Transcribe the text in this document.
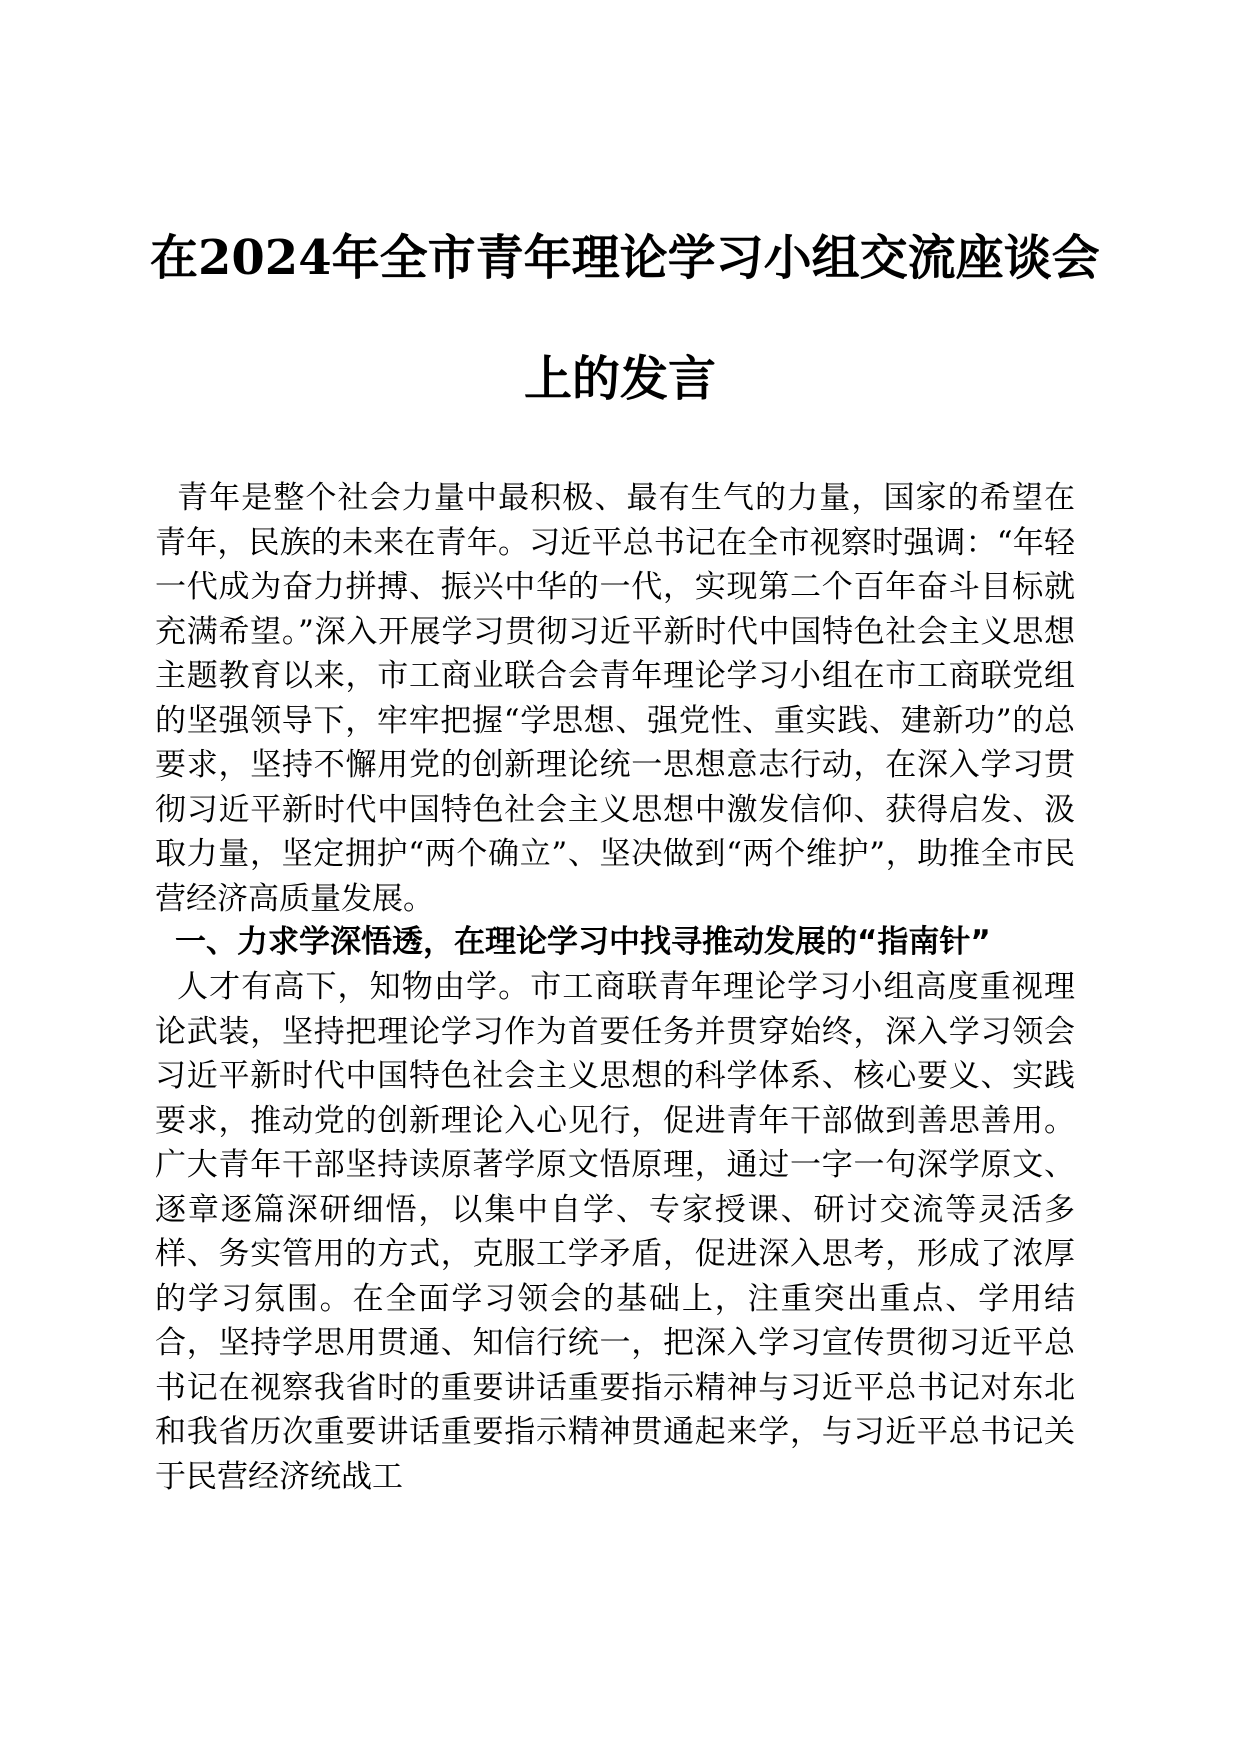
在2024年全市青年理论学习小组交流座谈会
上的发言

青年是整个社会力量中最积极、最有生气的力量，国家的希望在青年，民族的未来在青年。习近平总书记在全市视察时强调：“年轻一代成为奋力拼搏、振兴中华的一代，实现第二个百年奋斗目标就充满希望。”深入开展学习贯彻习近平新时代中国特色社会主义思想主题教育以来，市工商业联合会青年理论学习小组在市工商联党组的坚强领导下，牢牢把握“学思想、强党性、重实践、建新功”的总要求，坚持不懈用党的创新理论统一思想意志行动，在深入学习贯彻习近平新时代中国特色社会主义思想中激发信仰、获得启发、汲取力量，坚定拥护“两个确立”、坚决做到“两个维护”，助推全市民营经济高质量发展。

一、力求学深悟透，在理论学习中找寻推动发展的“指南针”

人才有高下，知物由学。市工商联青年理论学习小组高度重视理论武装，坚持把理论学习作为首要任务并贯穿始终，深入学习领会习近平新时代中国特色社会主义思想的科学体系、核心要义、实践要求，推动党的创新理论入心见行，促进青年干部做到善思善用。广大青年干部坚持读原著学原文悟原理，通过一字一句深学原文、逐章逐篇深研细悟，以集中自学、专家授课、研讨交流等灵活多样、务实管用的方式，克服工学矛盾，促进深入思考，形成了浓厚的学习氛围。在全面学习领会的基础上，注重突出重点、学用结合，坚持学思用贯通、知信行统一，把深入学习宣传贯彻习近平总书记在视察我省时的重要讲话重要指示精神与习近平总书记对东北和我省历次重要讲话重要指示精神贯通起来学，与习近平总书记关于民营经济统战工
